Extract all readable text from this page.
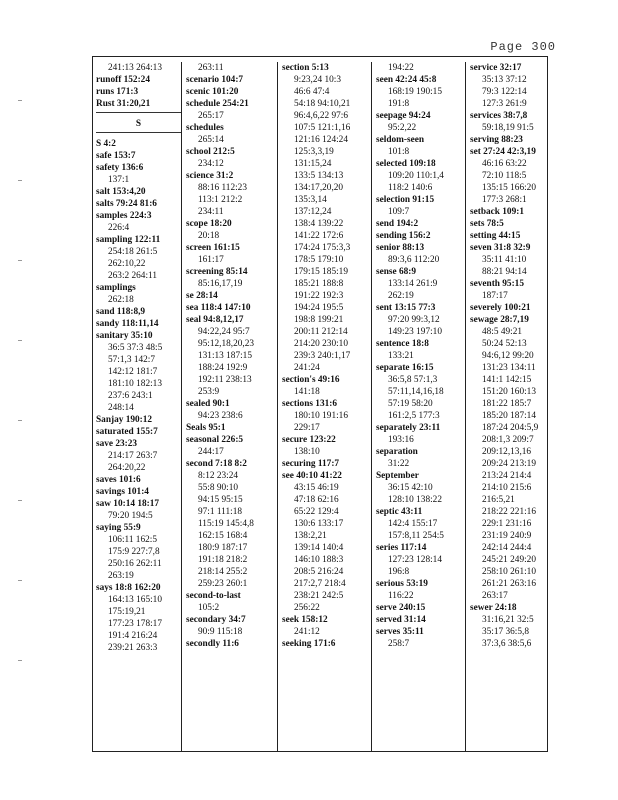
Page 300
241:13 264:13
runoff 152:24
runs 171:3
Rust 31:20,21
S
S 4:2
safe 153:7
safety 136:6
137:1
salt 153:4,20
salts 79:24 81:6
samples 224:3
226:4
sampling 122:11
254:18 261:5
262:10,22
263:2 264:11
samplings
262:18
sand 118:8,9
sandy 118:11,14
sanitary 35:10
36:5 37:3 48:5
57:1,3 142:7
142:12 181:7
181:10 182:13
237:6 243:1
248:14
Sanjay 190:12
saturated 155:7
save 23:23
214:17 263:7
264:20,22
saves 101:6
savings 101:4
saw 10:14 18:17
79:20 194:5
saying 55:9
106:11 162:5
175:9 227:7,8
250:16 262:11
263:19
says 18:8 162:20
164:13 165:10
175:19,21
177:23 178:17
191:4 216:24
239:21 263:3
263:11
scenario 104:7
scenic 101:20
schedule 254:21
265:17
schedules
265:14
school 212:5
234:12
science 31:2
88:16 112:23
113:1 212:2
234:11
scope 18:20
20:18
screen 161:15
161:17
screening 85:14
85:16,17,19
se 28:14
sea 118:4 147:10
seal 94:8,12,17
94:22,24 95:7
95:12,18,20,23
131:13 187:15
188:24 192:9
192:11 238:13
253:9
sealed 90:1
94:23 238:6
Seals 95:1
seasonal 226:5
244:17
second 7:18 8:2
8:12 23:24
55:8 90:10
94:15 95:15
97:1 111:18
115:19 145:4,8
162:15 168:4
180:9 187:17
191:18 218:2
218:14 255:2
259:23 260:1
second-to-last
105:2
secondary 34:7
90:9 115:18
secondly 11:6
section 5:13
9:23,24 10:3
46:6 47:4
54:18 94:10,21
96:4,6,22 97:6
107:5 121:1,16
121:16 124:24
125:3,3,19
131:15,24
133:5 134:13
134:17,20,20
135:3,14
137:12,24
138:4 139:22
141:22 172:6
174:24 175:3,3
178:5 179:10
179:15 185:19
185:21 188:8
191:22 192:3
194:24 195:5
198:8 199:21
200:11 212:14
214:20 230:10
239:3 240:1,17
241:24
section's 49:16
141:18
sections 131:6
180:10 191:16
229:17
secure 123:22
138:10
securing 117:7
see 40:10 41:22
43:15 46:19
47:18 62:16
65:22 129:4
130:6 133:17
138:2,21
139:14 140:4
146:10 188:3
208:5 216:24
217:2,7 218:4
238:21 242:5
256:22
seek 158:12
241:12
seeking 171:6
194:22
seen 42:24 45:8
168:19 190:15
191:8
seepage 94:24
95:2,22
seldom-seen
101:8
selected 109:18
109:20 110:1,4
118:2 140:6
selection 91:15
109:7
send 194:2
sending 156:2
senior 88:13
89:3,6 112:20
sense 68:9
133:14 261:9
262:19
sent 13:15 77:3
97:20 99:3,12
149:23 197:10
sentence 18:8
133:21
separate 16:15
36:5,8 57:1,3
57:11,14,16,18
57:19 58:20
161:2,5 177:3
separately 23:11
193:16
separation
31:22
September
36:15 42:10
128:10 138:22
septic 43:11
142:4 155:17
157:8,11 254:5
series 117:14
127:23 128:14
196:8
serious 53:19
116:22
serve 240:15
served 31:14
serves 35:11
258:7
service 32:17
35:13 37:12
79:3 122:14
127:3 261:9
services 38:7,8
59:18,19 91:5
serving 88:23
set 27:24 42:3,19
46:16 63:22
72:10 118:5
135:15 166:20
177:3 268:1
setback 109:1
sets 78:5
setting 44:15
seven 31:8 32:9
35:11 41:10
88:21 94:14
seventh 95:15
187:17
severely 100:21
sewage 28:7,19
48:5 49:21
50:24 52:13
94:6,12 99:20
131:23 134:11
141:1 142:15
151:20 160:13
181:22 185:7
185:20 187:14
187:24 204:5,9
208:1,3 209:7
209:12,13,16
209:24 213:19
213:24 214:4
214:10 215:6
216:5,21
218:22 221:16
229:1 231:16
231:19 240:9
242:14 244:4
245:21 249:20
258:10 261:10
261:21 263:16
263:17
sewer 24:18
31:16,21 32:5
35:17 36:5,8
37:3,6 38:5,6
